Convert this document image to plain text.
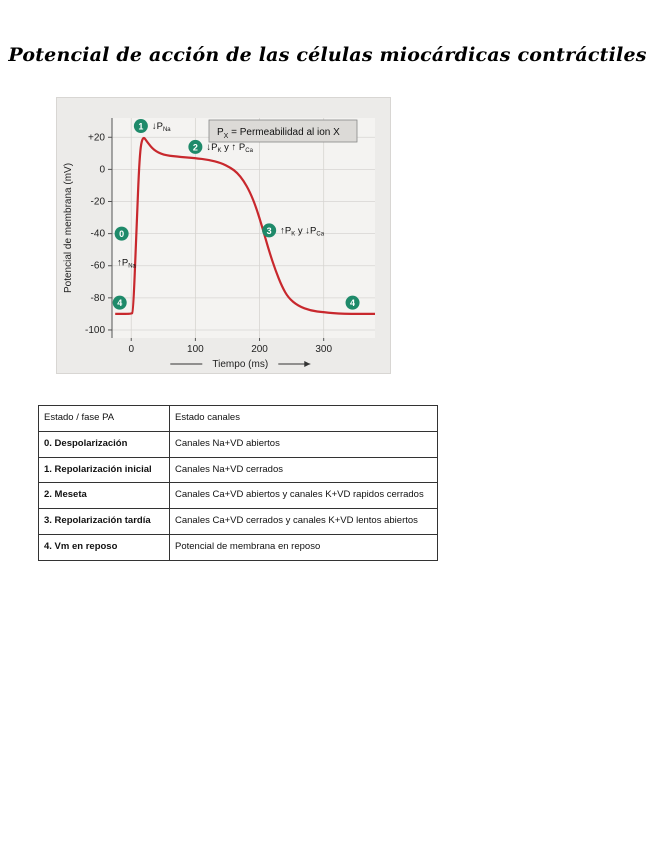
Potencial de acción de las células miocárdicas contráctiles
+20
0
-20
-40
-60
-80
-100
0	100	200	300
Potencial de membrana (mV)
Tiempo (ms)
$P_X$ = Permeabilidad al ion X
0
$↑P_{Na}$
1 $↓P_{Na}$
2 $↓P_K$ y ↑ $P_{Ca}$
3 $↑P_K$ y $↓P_{Ca}$
4	4
Estado / fase PA	Estado canales
0. Despolarización	Canales Na+VD abiertos
1. Repolarización inicial	Canales Na+VD cerrados
2. Meseta	Canales Ca+VD abiertos y canales K+VD rapidos cerrados
3. Repolarización tardía	Canales Ca+VD cerrados y canales K+VD lentos abiertos
4. Vm en reposo	Potencial de membrana en reposo
